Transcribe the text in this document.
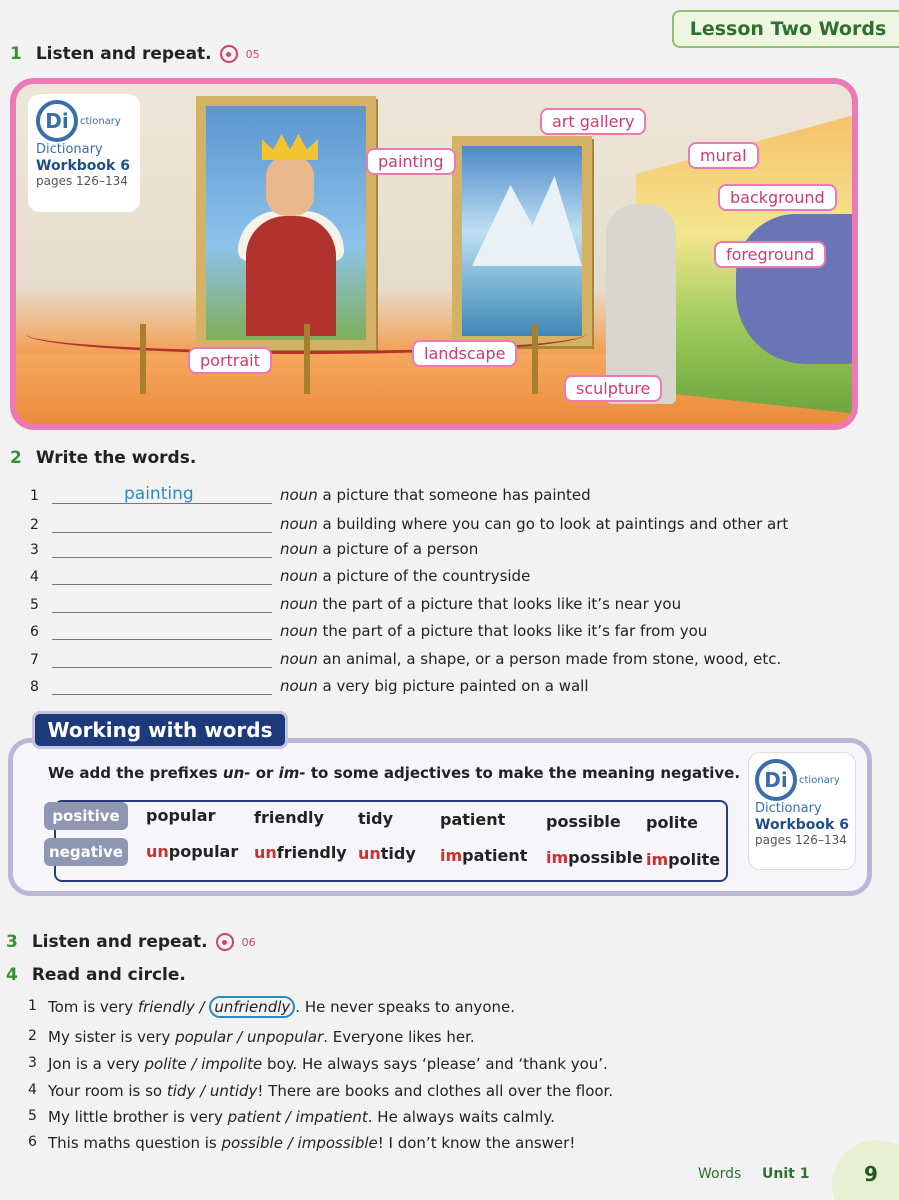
Lesson Two Words
1 Listen and repeat.	05
Di	ctionary
Dictionary
Workbook 6
pages 126–134
art gallery
painting	mural
background
foreground
portrait	landscape
sculpture
2 Write the words.
1	painting	noun a picture that someone has painted
2	noun a building where you can go to look at paintings and other art
3	noun a picture of a person
4	noun a picture of the countryside
5	noun the part of a picture that looks like it’s near you
6	noun the part of a picture that looks like it’s far from you
7	noun an animal, a shape, or a person made from stone, wood, etc.
8	noun a very big picture painted on a wall
Working with words
We add the prefixes un- or im- to some adjectives to make the meaning negative.
positive
negative
popular friendly tidy	patient	possible polite
unpopular unfriendly untidy impatient impossible impolite
Di	ctionary
Dictionary
Workbook 6
pages 126–134
3 Listen and repeat.	06
4 Read and circle.
1 Tom is very friendly / unfriendly . He never speaks to anyone.
2 My sister is very popular / unpopular. Everyone likes her.
3 Jon is a very polite / impolite boy. He always says ‘please’ and ‘thank you’.
4 Your room is so tidy / untidy! There are books and clothes all over the floor.
5 My little brother is very patient / impatient. He always waits calmly.
6 This maths question is possible / impossible! I don’t know the answer!
Words Unit 1	9
